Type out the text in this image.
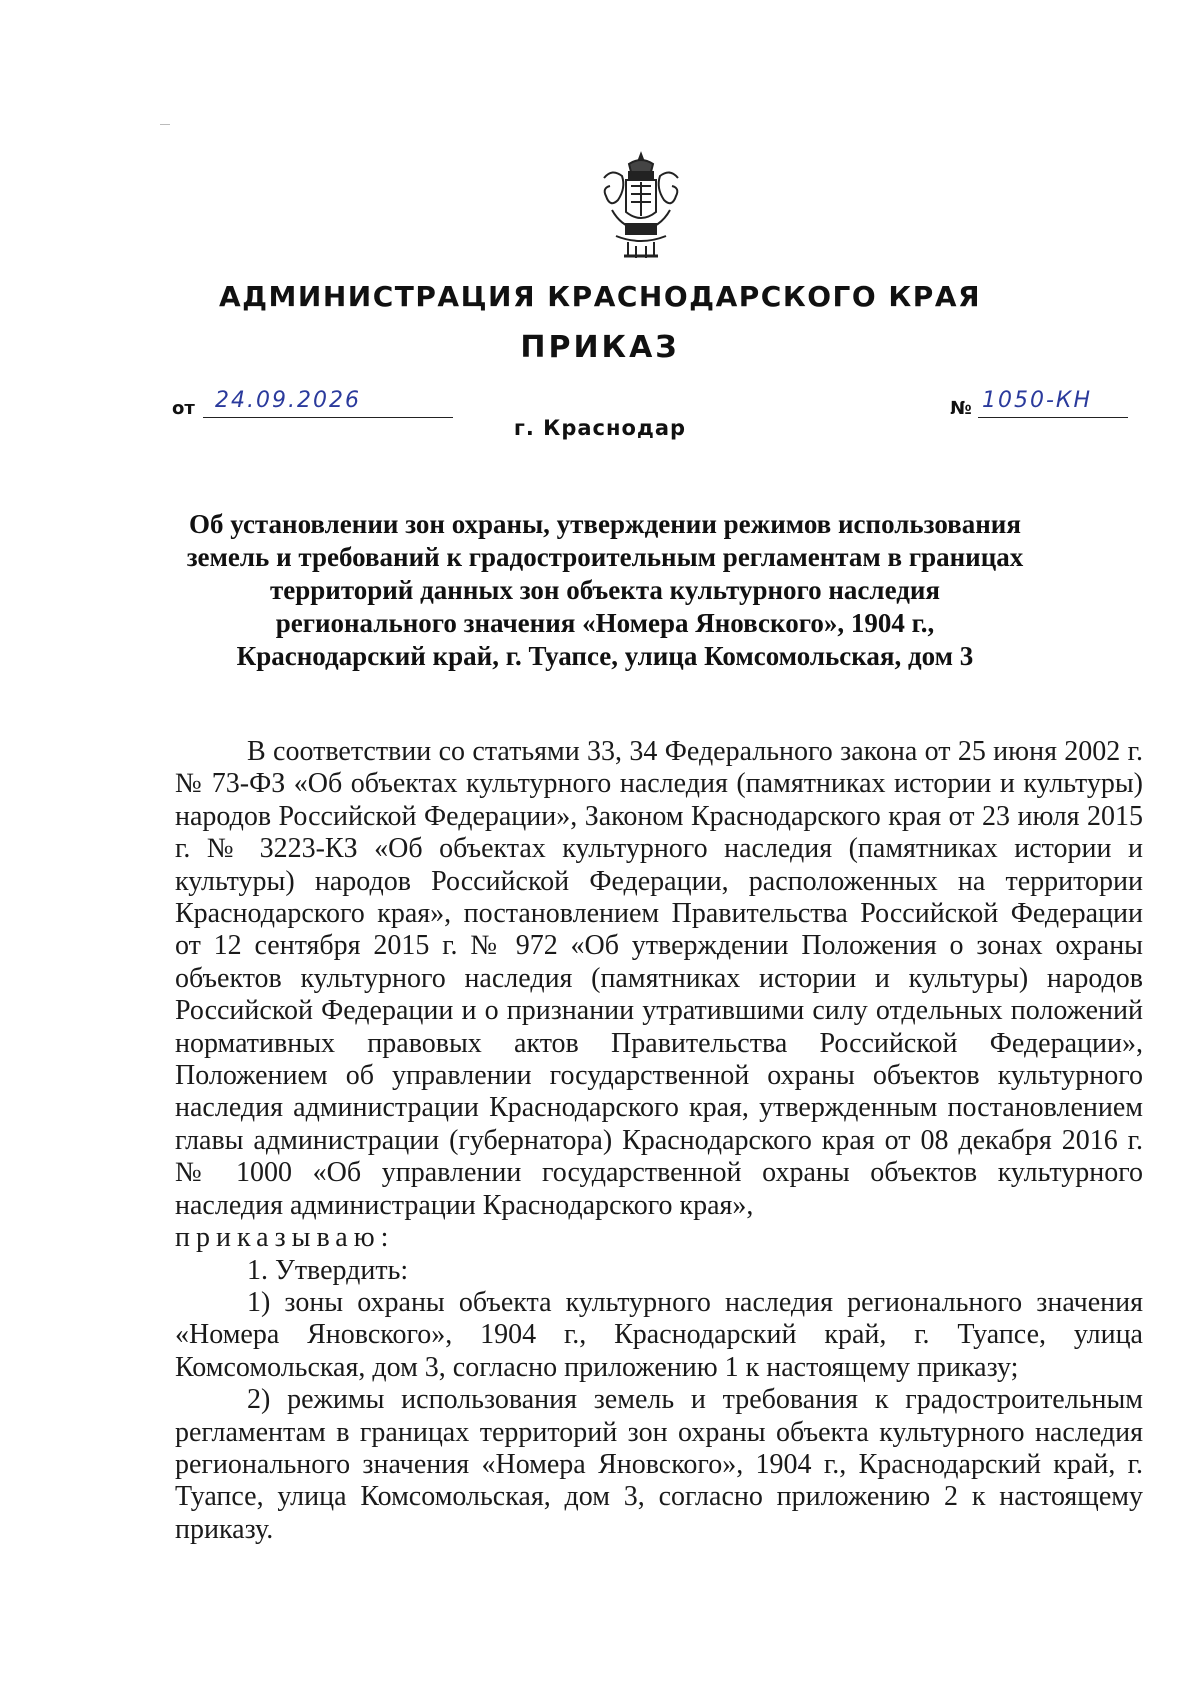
АДМИНИСТРАЦИЯ КРАСНОДАРСКОГО КРАЯ
ПРИКАЗ
от 24.09.2026	№ 1050-КН
г. Краснодар
Об установлении зон охраны, утверждении режимов использования земель и требований к градостроительным регламентам в границах территорий данных зон объекта культурного наследия регионального значения «Номера Яновского», 1904 г., Краснодарский край, г. Туапсе, улица Комсомольская, дом 3

В соответствии со статьями 33, 34 Федерального закона от 25 июня 2002 г. № 73-ФЗ «Об объектах культурного наследия (памятниках истории и культуры) народов Российской Федерации», Законом Краснодарского края от 23 июля 2015 г. № 3223-КЗ «Об объектах культурного наследия (памятниках истории и культуры) народов Российской Федерации, расположенных на территории Краснодарского края», постановлением Правительства Российской Федерации от 12 сентября 2015 г. № 972 «Об утверждении Положения о зонах охраны объектов культурного наследия (памятниках истории и культуры) народов Российской Федерации и о признании утратившими силу отдельных положений нормативных правовых актов Правительства Российской Федерации», Положением об управлении государственной охраны объектов культурного наследия администрации Краснодарского края, утвержденным постановлением главы администрации (губернатора) Краснодарского края от 08 декабря 2016 г. № 1000 «Об управлении государственной охраны объектов культурного наследия администрации Краснодарского края»,

приказываю:

1. Утвердить:

1) зоны охраны объекта культурного наследия регионального значения «Номера Яновского», 1904 г., Краснодарский край, г. Туапсе, улица Комсомольская, дом 3, согласно приложению 1 к настоящему приказу;

2) режимы использования земель и требования к градостроительным регламентам в границах территорий зон охраны объекта культурного наследия регионального значения «Номера Яновского», 1904 г., Краснодарский край, г. Туапсе, улица Комсомольская, дом 3, согласно приложению 2 к настоящему приказу.
